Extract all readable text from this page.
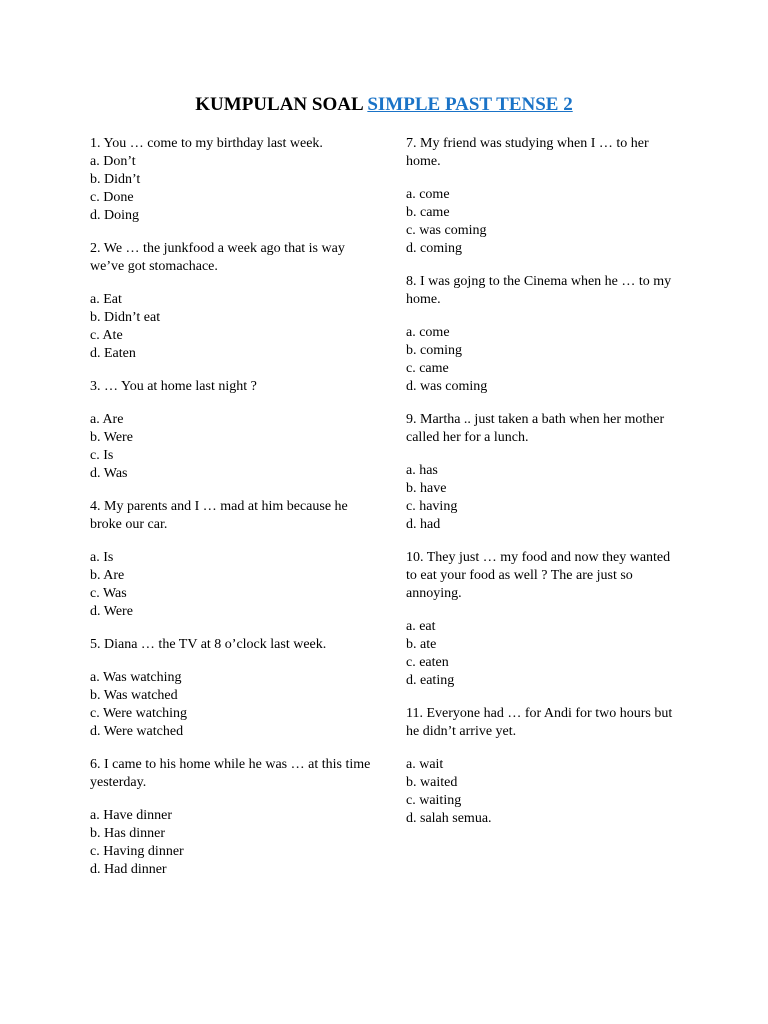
KUMPULAN SOAL SIMPLE PAST TENSE 2

1. You … come to my birthday last week.

a. Don’t
b. Didn’t
c. Done
d. Doing

2. We … the junkfood a week ago that is way we’ve got stomachace.

a. Eat
b. Didn’t eat
c. Ate
d. Eaten

3. … You at home last night ?

a. Are
b. Were
c. Is
d. Was

4. My parents and I … mad at him because he broke our car.

a. Is
b. Are
c. Was
d. Were

5. Diana … the TV at 8 o’clock last week.

a. Was watching
b. Was watched
c. Were watching
d. Were watched

6. I came to his home while he was … at this time yesterday.

a. Have dinner
b. Has dinner
c. Having dinner
d. Had dinner

7. My friend was studying when I … to her home.

a. come
b. came
c. was coming
d. coming

8. I was gojng to the Cinema when he … to my home.

a. come
b. coming
c. came
d. was coming

9. Martha .. just taken a bath when her mother called her for a lunch.

a. has
b. have
c. having
d. had

10. They just … my food and now they wanted to eat your food as well ? The are just so annoying.

a. eat
b. ate
c. eaten
d. eating

11. Everyone had … for Andi for two hours but he didn’t arrive yet.

a. wait
b. waited
c. waiting
d. salah semua.
